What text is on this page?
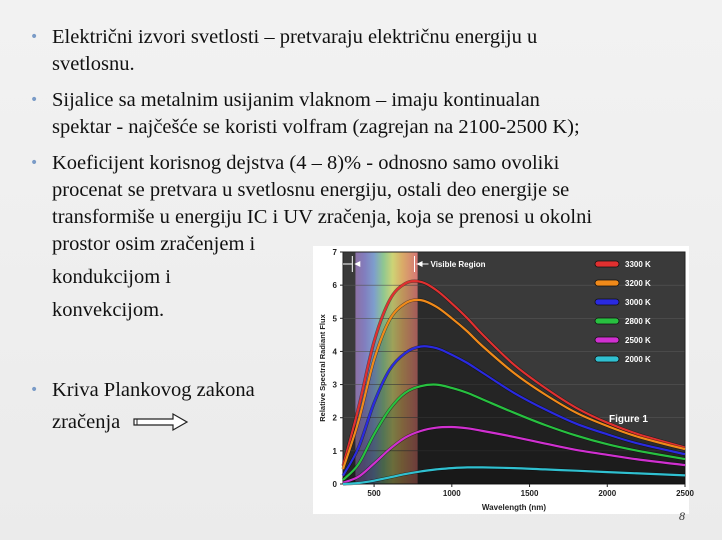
• Električni izvori svetlosti – pretvaraju električnu energiju u
svetlosnu.
• Sijalice sa metalnim usijanim vlaknom – imaju kontinualan
spektar - najčešće se koristi volfram (zagrejan na 2100-2500 K);
• Koeficijent korisnog dejstva (4 – 8)% - odnosno samo ovoliki
procenat se pretvara u svetlosnu energiju, ostali deo energije se
transformiše u energiju IC i UV zračenja, koja se prenosi u okolni
prostor osim zračenjem i
kondukcijom i
konvekcijom.
• Kriva Plankovog zakona
zračenja
0
1
2
3
4
5
6
7
500	1000	1500	2000	2500
Wavelength (nm)
Relative Spectral Radiant Flux
Visible Region	3300 K
3200 K
3000 K
2800 K
2500 K
2000 K
Figure 1
8
